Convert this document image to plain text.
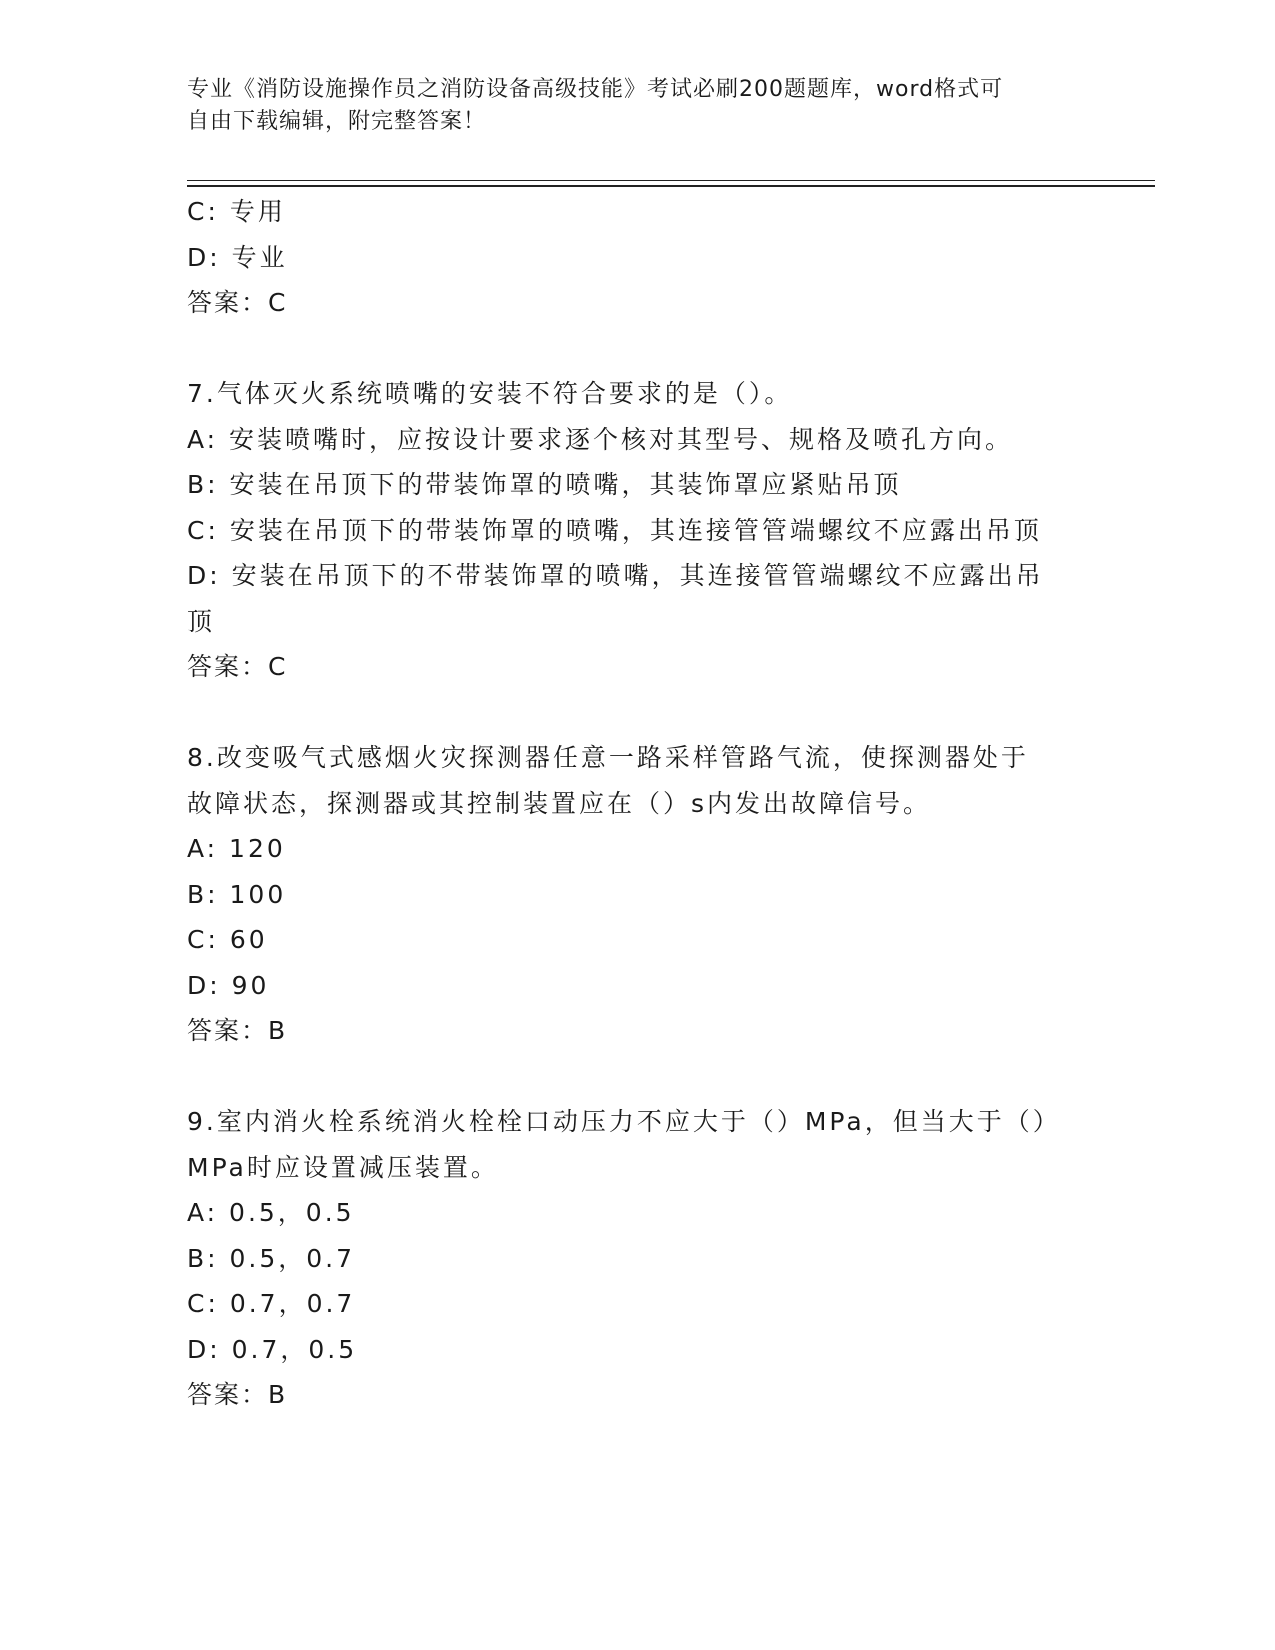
专业《消防设施操作员之消防设备高级技能》考试必刷200题题库，word格式可
自由下载编辑，附完整答案！
C: 专用
D: 专业
答案：C
7.气体灭火系统喷嘴的安装不符合要求的是（）。
A: 安装喷嘴时，应按设计要求逐个核对其型号、规格及喷孔方向。
B: 安装在吊顶下的带装饰罩的喷嘴，其装饰罩应紧贴吊顶
C: 安装在吊顶下的带装饰罩的喷嘴，其连接管管端螺纹不应露出吊顶
D: 安装在吊顶下的不带装饰罩的喷嘴，其连接管管端螺纹不应露出吊
顶
答案：C
8.改变吸气式感烟火灾探测器任意一路采样管路气流，使探测器处于
故障状态，探测器或其控制装置应在（）s内发出故障信号。
A: 120
B: 100
C: 60
D: 90
答案：B
9.室内消火栓系统消火栓栓口动压力不应大于（）MPa，但当大于（）
MPa时应设置减压装置。
A: 0.5，0.5
B: 0.5，0.7
C: 0.7，0.7
D: 0.7，0.5
答案：B
